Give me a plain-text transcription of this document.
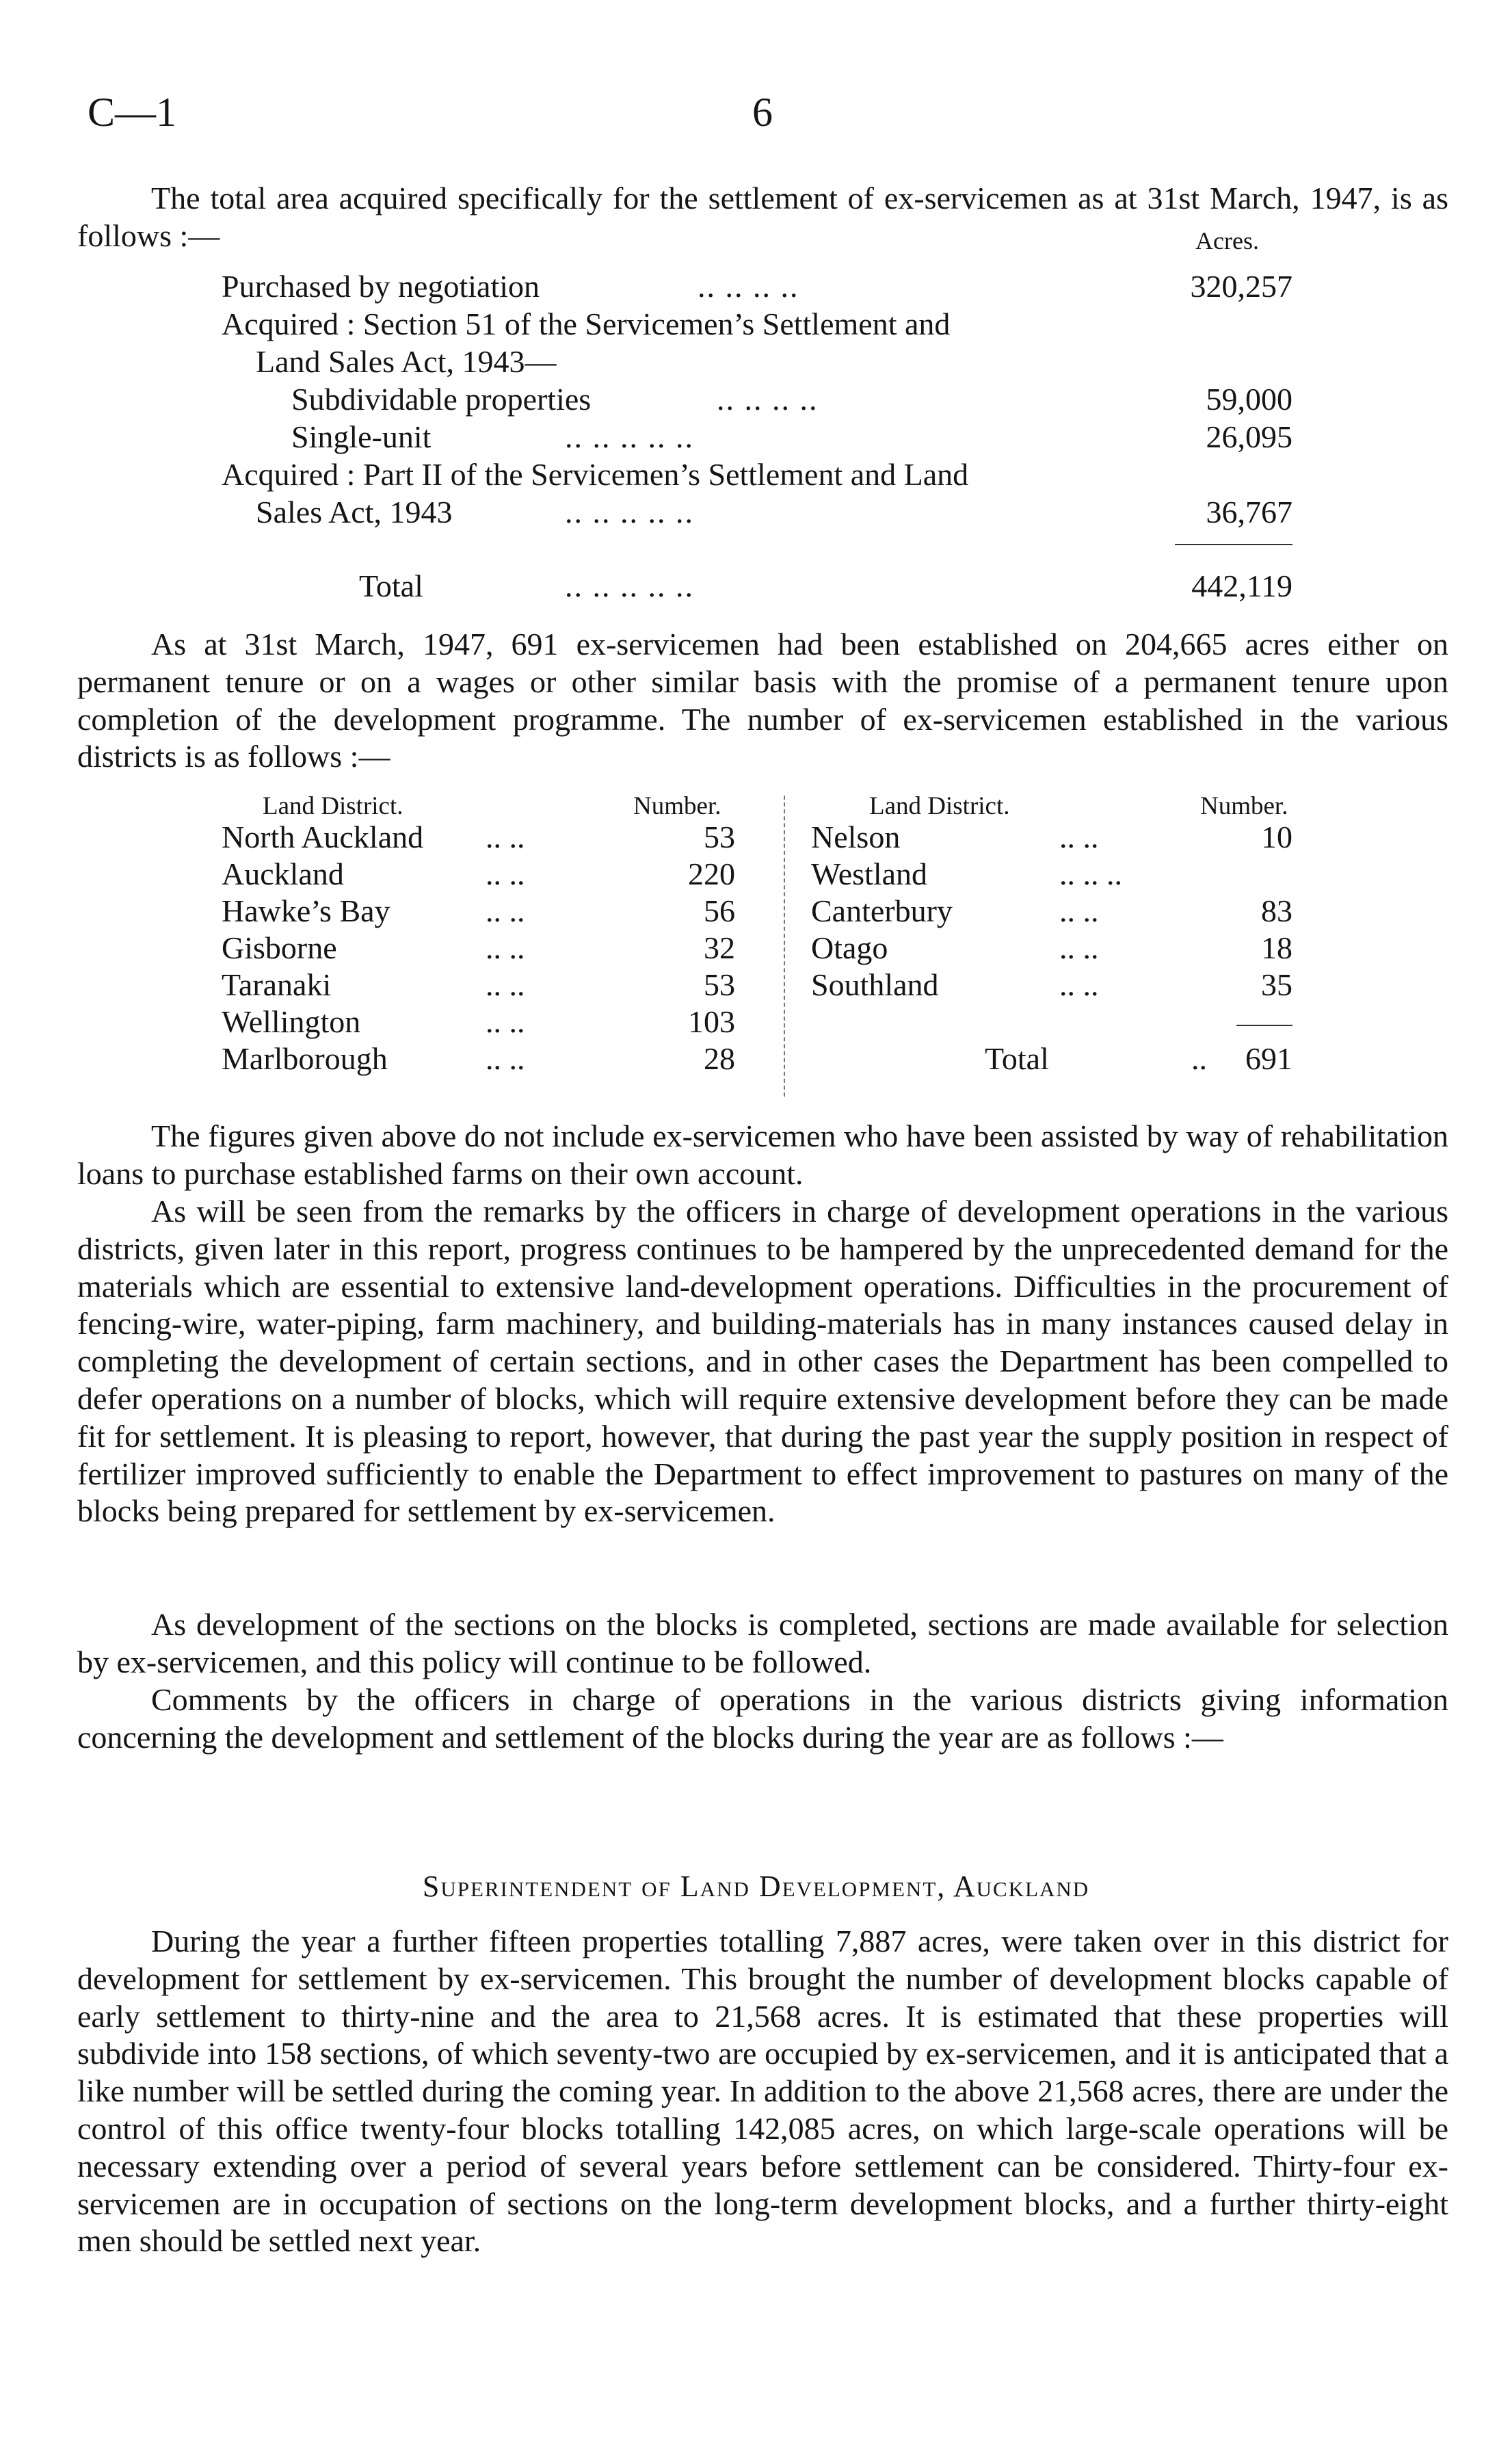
C—1	6

The total area acquired specifically for the settlement of ex-servicemen as at 31st March, 1947, is as follows :—	Acres.
Purchased by negotiation	.. .. .. ..	320,257
Acquired : Section 51 of the Servicemen’s Settlement and
Land Sales Act, 1943—
Subdividable properties	.. .. .. ..	59,000
Single-unit	.. .. .. .. ..	26,095
Acquired : Part II of the Servicemen’s Settlement and Land
Sales Act, 1943	.. .. .. .. ..	36,767
Total	.. .. .. .. ..	442,119

As at 31st March, 1947, 691 ex-servicemen had been established on 204,665 acres either on permanent tenure or on a wages or other similar basis with the promise of a permanent tenure upon completion of the development programme. The number of ex-servicemen established in the various districts is as follows :—

Land District.	Number.	Land District.	Number.
North Auckland .. ..	53
Auckland	.. ..	220
Hawke’s Bay	.. ..	56
Gisborne	.. ..	32
Taranaki	.. ..	53
Wellington	.. ..	103
Marlborough	.. ..	28
Nelson	.. ..	10
Westland	.. .. ..
Canterbury	.. ..	83
Otago	.. ..	18
Southland	.. ..	35
Total	..	691

The figures given above do not include ex-servicemen who have been assisted by way of rehabilitation loans to purchase established farms on their own account.

As will be seen from the remarks by the officers in charge of development operations in the various districts, given later in this report, progress continues to be hampered by the unprecedented demand for the materials which are essential to extensive land-development operations. Difficulties in the procurement of fencing-wire, water-piping, farm machinery, and building-materials has in many instances caused delay in completing the development of certain sections, and in other cases the Department has been compelled to defer operations on a number of blocks, which will require extensive development before they can be made fit for settlement. It is pleasing to report, however, that during the past year the supply position in respect of fertilizer improved sufficiently to enable the Department to effect improvement to pastures on many of the blocks being prepared for settlement by ex-servicemen.

As development of the sections on the blocks is completed, sections are made available for selection by ex-servicemen, and this policy will continue to be followed.

Comments by the officers in charge of operations in the various districts giving information concerning the development and settlement of the blocks during the year are as follows :—

Superintendent of Land Development, Auckland

During the year a further fifteen properties totalling 7,887 acres, were taken over in this district for development for settlement by ex-servicemen. This brought the number of development blocks capable of early settlement to thirty-nine and the area to 21,568 acres. It is estimated that these properties will subdivide into 158 sections, of which seventy-two are occupied by ex-servicemen, and it is anticipated that a like number will be settled during the coming year. In addition to the above 21,568 acres, there are under the control of this office twenty-four blocks totalling 142,085 acres, on which large-scale operations will be necessary extending over a period of several years before settlement can be considered. Thirty-four ex-servicemen are in occupation of sections on the long-term development blocks, and a further thirty-eight men should be settled next year.
